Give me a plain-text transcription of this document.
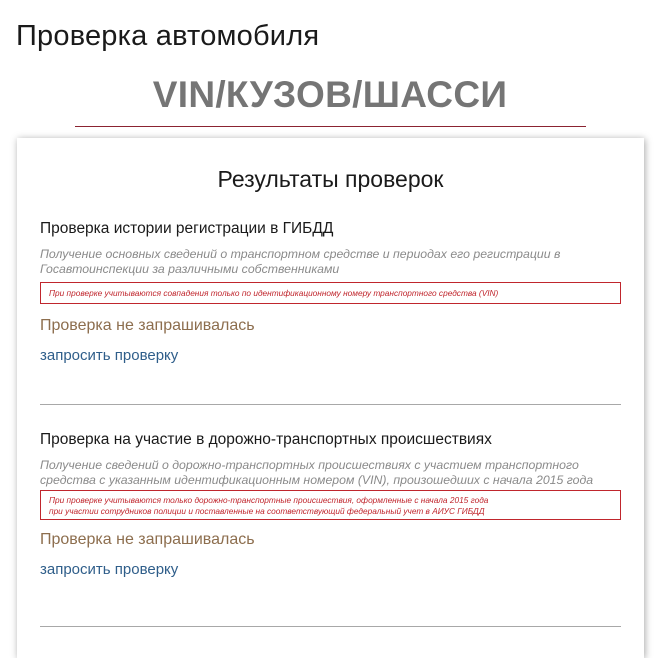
Проверка автомобиля
VIN/КУЗОВ/ШАССИ
Результаты проверок

Проверка истории регистрации в ГИБДД

Получение основных сведений о транспортном средстве и периодах его регистрации в
Госавтоинспекции за различными собственниками

При проверке учитываются совпадения только по идентификационному номеру транспортного средства (VIN)

Проверка не запрашивалась

запросить проверку

Проверка на участие в дорожно-транспортных происшествиях

Получение сведений о дорожно-транспортных происшествиях с участием транспортного
средства с указанным идентификационным номером (VIN), произошедших с начала 2015 года

При проверке учитываются только дорожно-транспортные происшествия, оформленные с начала 2015 года
при участии сотрудников полиции и поставленные на соответствующий федеральный учет в АИУС ГИБДД

Проверка не запрашивалась

запросить проверку
